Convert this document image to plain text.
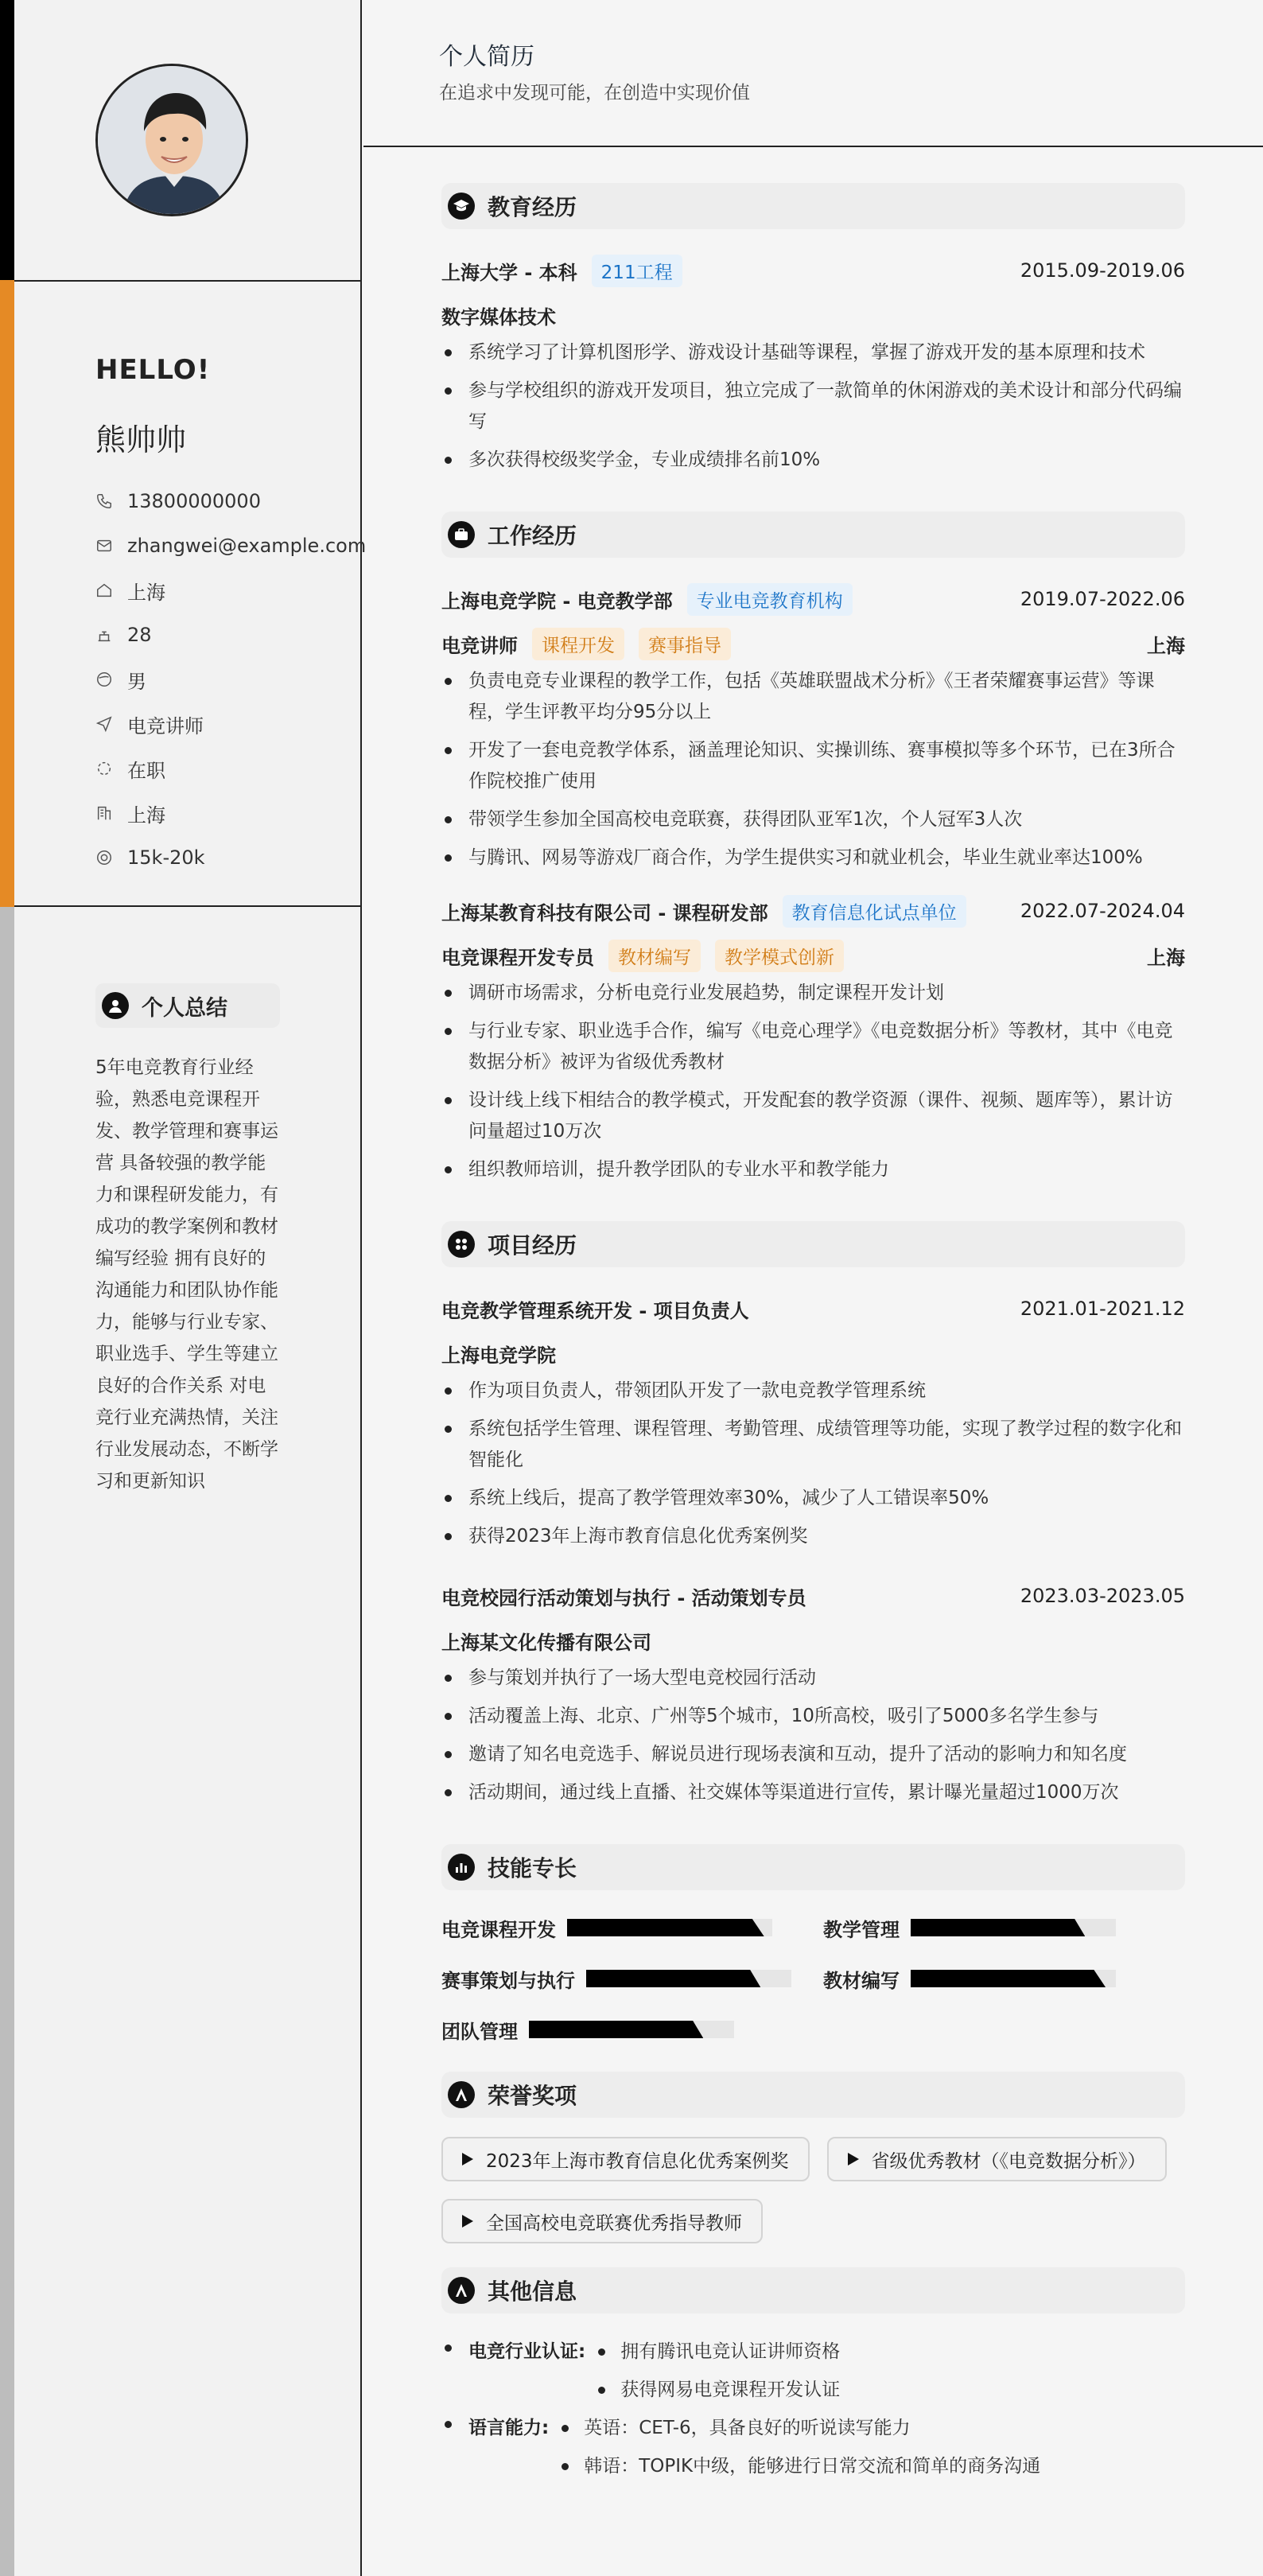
HELLO!
熊帅帅
13800000000
zhangwei@example.com
上海
28
男
电竞讲师
在职
上海
15k-20k
个人总结
5年电竞教育行业经验，熟悉电竞课程开发、教学管理和赛事运营 具备较强的教学能力和课程研发能力，有成功的教学案例和教材编写经验 拥有良好的沟通能力和团队协作能力，能够与行业专家、职业选手、学生等建立良好的合作关系 对电竞行业充满热情，关注行业发展动态，不断学习和更新知识
个人简历
在追求中发现可能，在创造中实现价值
教育经历
上海大学 - 本科	211工程	2015.09-2019.06
数字媒体技术
系统学习了计算机图形学、游戏设计基础等课程，掌握了游戏开发的基本原理和技术
参与学校组织的游戏开发项目，独立完成了一款简单的休闲游戏的美术设计和部分代码编写
多次获得校级奖学金，专业成绩排名前10%
工作经历
上海电竞学院 - 电竞教学部	专业电竞教育机构	2019.07-2022.06
电竞讲师	课程开发	赛事指导	上海
负责电竞专业课程的教学工作，包括《英雄联盟战术分析》《王者荣耀赛事运营》等课程，学生评教平均分95分以上
开发了一套电竞教学体系，涵盖理论知识、实操训练、赛事模拟等多个环节，已在3所合作院校推广使用
带领学生参加全国高校电竞联赛，获得团队亚军1次，个人冠军3人次
与腾讯、网易等游戏厂商合作，为学生提供实习和就业机会，毕业生就业率达100%
上海某教育科技有限公司 - 课程研发部	教育信息化试点单位	2022.07-2024.04
电竞课程开发专员	教材编写	教学模式创新	上海
调研市场需求，分析电竞行业发展趋势，制定课程开发计划
与行业专家、职业选手合作，编写《电竞心理学》《电竞数据分析》等教材，其中《电竞数据分析》被评为省级优秀教材
设计线上线下相结合的教学模式，开发配套的教学资源（课件、视频、题库等），累计访问量超过10万次
组织教师培训，提升教学团队的专业水平和教学能力
项目经历
电竞教学管理系统开发 - 项目负责人	2021.01-2021.12
上海电竞学院
作为项目负责人，带领团队开发了一款电竞教学管理系统
系统包括学生管理、课程管理、考勤管理、成绩管理等功能，实现了教学过程的数字化和智能化
系统上线后，提高了教学管理效率30%，减少了人工错误率50%
获得2023年上海市教育信息化优秀案例奖
电竞校园行活动策划与执行 - 活动策划专员	2023.03-2023.05
上海某文化传播有限公司
参与策划并执行了一场大型电竞校园行活动
活动覆盖上海、北京、广州等5个城市，10所高校，吸引了5000多名学生参与
邀请了知名电竞选手、解说员进行现场表演和互动，提升了活动的影响力和知名度
活动期间，通过线上直播、社交媒体等渠道进行宣传，累计曝光量超过1000万次
技能专长
电竞课程开发	教学管理
赛事策划与执行	教材编写
团队管理
荣誉奖项
2023年上海市教育信息化优秀案例奖	省级优秀教材（《电竞数据分析》）
全国高校电竞联赛优秀指导教师
其他信息
电竞行业认证:	拥有腾讯电竞认证讲师资格
获得网易电竞课程开发认证
语言能力:	英语：CET-6，具备良好的听说读写能力
韩语：TOPIK中级，能够进行日常交流和简单的商务沟通
